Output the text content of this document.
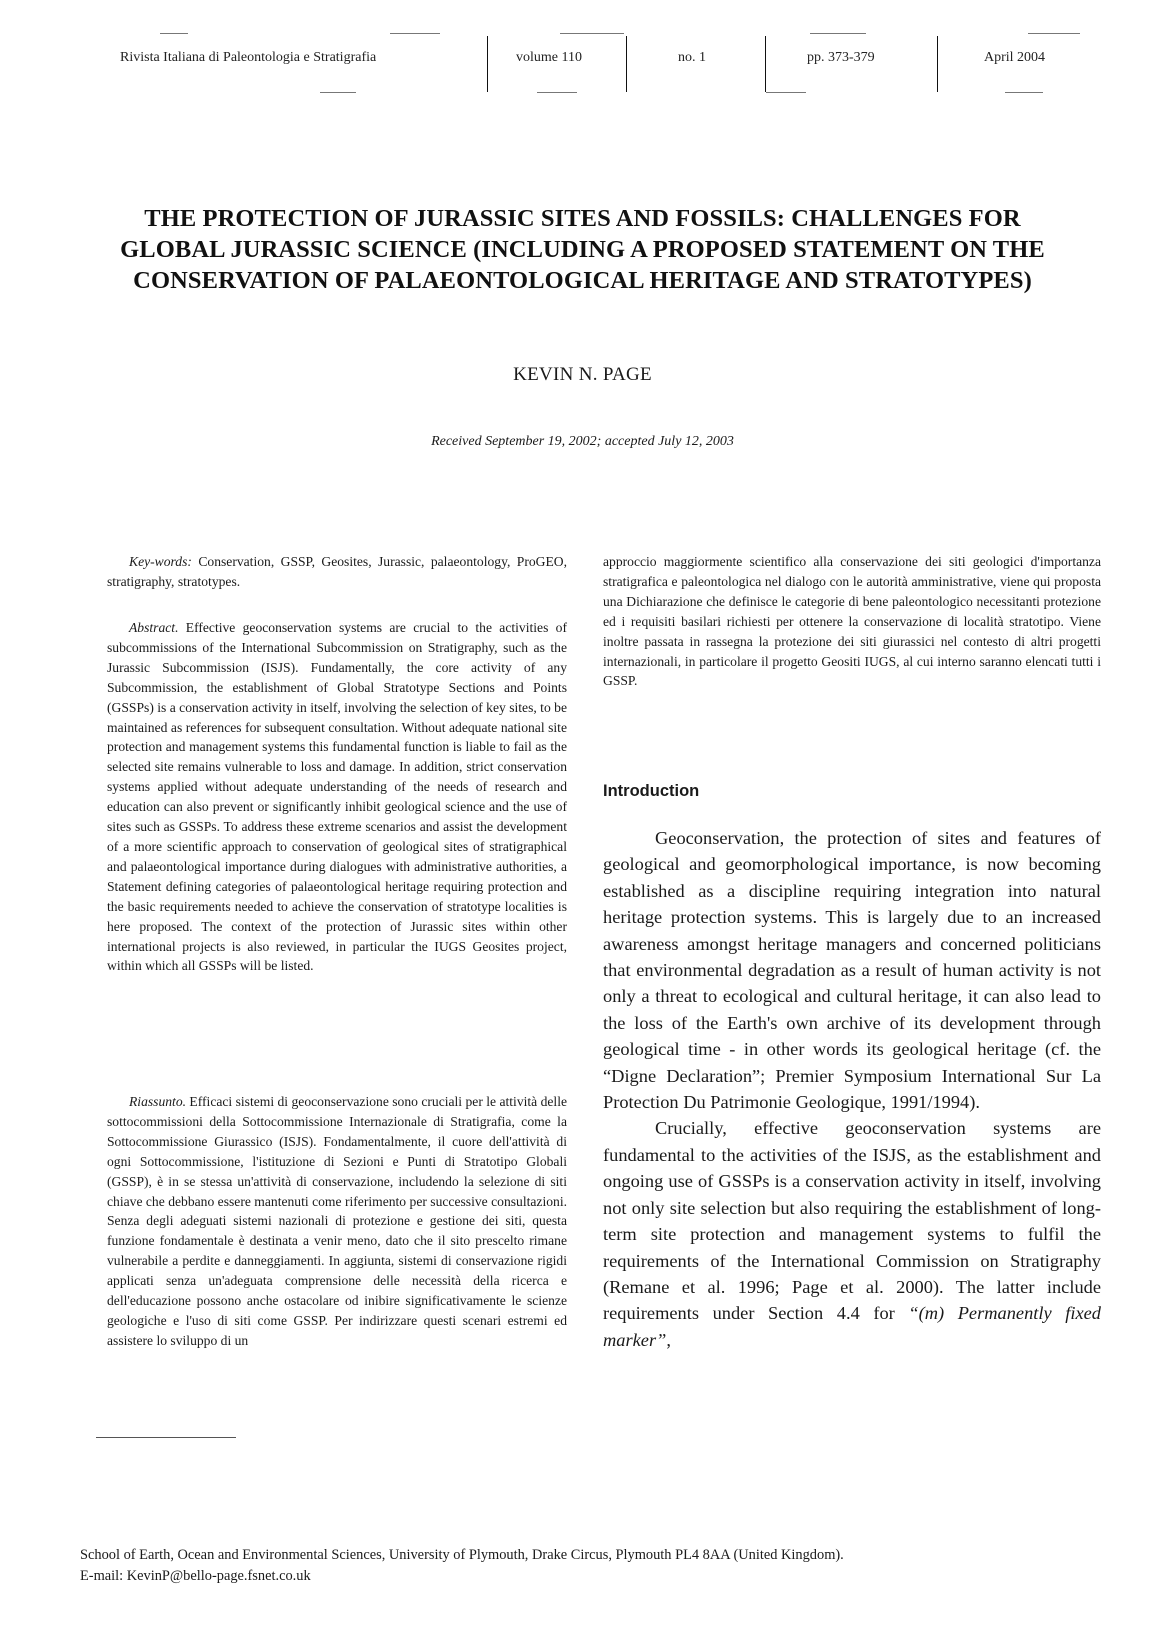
Rivista Italiana di Paleontologia e Stratigrafia	volume 110	no. 1	pp. 373-379	April 2004
THE PROTECTION OF JURASSIC SITES AND FOSSILS: CHALLENGES FOR
GLOBAL JURASSIC SCIENCE (INCLUDING A PROPOSED STATEMENT ON THE
CONSERVATION OF PALAEONTOLOGICAL HERITAGE AND STRATOTYPES)
KEVIN N. PAGE
Received September 19, 2002; accepted July 12, 2003

Key-words: Conservation, GSSP, Geosites, Jurassic, palaeontology, ProGEO, stratigraphy, stratotypes.

Abstract. Effective geoconservation systems are crucial to the activities of subcommissions of the International Subcommission on Stratigraphy, such as the Jurassic Subcommission (ISJS). Fundamentally, the core activity of any Subcommission, the establishment of Global Stratotype Sections and Points (GSSPs) is a conservation activity in itself, involving the selection of key sites, to be maintained as references for subsequent consultation. Without adequate national site protection and management systems this fundamental function is liable to fail as the selected site remains vulnerable to loss and damage. In addition, strict conservation systems applied without adequate understanding of the needs of research and education can also prevent or significantly inhibit geological science and the use of sites such as GSSPs. To address these extreme scenarios and assist the development of a more scientific approach to conservation of geological sites of stratigraphical and palaeontological importance during dialogues with administrative authorities, a Statement defining categories of palaeontological heritage requiring protection and the basic requirements needed to achieve the conservation of stratotype localities is here proposed. The context of the protection of Jurassic sites within other international projects is also reviewed, in particular the IUGS Geosites project, within which all GSSPs will be listed.

Riassunto. Efficaci sistemi di geoconservazione sono cruciali per le attività delle sottocommissioni della Sottocommissione Internazionale di Stratigrafia, come la Sottocommissione Giurassico (ISJS). Fondamentalmente, il cuore dell'attività di ogni Sottocommissione, l'istituzione di Sezioni e Punti di Stratotipo Globali (GSSP), è in se stessa un'attività di conservazione, includendo la selezione di siti chiave che debbano essere mantenuti come riferimento per successive consultazioni. Senza degli adeguati sistemi nazionali di protezione e gestione dei siti, questa funzione fondamentale è destinata a venir meno, dato che il sito prescelto rimane vulnerabile a perdite e danneggiamenti. In aggiunta, sistemi di conservazione rigidi applicati senza un'adeguata comprensione delle necessità della ricerca e dell'educazione possono anche ostacolare od inibire significativamente le scienze geologiche e l'uso di siti come GSSP. Per indirizzare questi scenari estremi ed assistere lo sviluppo di un

approccio maggiormente scientifico alla conservazione dei siti geologici d'importanza stratigrafica e paleontologica nel dialogo con le autorità amministrative, viene qui proposta una Dichiarazione che definisce le categorie di bene paleontologico necessitanti protezione ed i requisiti basilari richiesti per ottenere la conservazione di località stratotipo. Viene inoltre passata in rassegna la protezione dei siti giurassici nel contesto di altri progetti internazionali, in particolare il progetto Geositi IUGS, al cui interno saranno elencati tutti i GSSP.

Introduction

Geoconservation, the protection of sites and features of geological and geomorphological importance, is now becoming established as a discipline requiring integration into natural heritage protection systems. This is largely due to an increased awareness amongst heritage managers and concerned politicians that environmental degradation as a result of human activity is not only a threat to ecological and cultural heritage, it can also lead to the loss of the Earth's own archive of its development through geological time - in other words its geological heritage (cf. the “Digne Declaration”; Premier Symposium International Sur La Protection Du Patrimonie Geologique, 1991/1994).

Crucially, effective geoconservation systems are fundamental to the activities of the ISJS, as the establishment and ongoing use of GSSPs is a conservation activity in itself, involving not only site selection but also requiring the establishment of long-term site protection and management systems to fulfil the requirements of the International Commission on Stratigraphy (Remane et al. 1996; Page et al. 2000). The latter include requirements under Section 4.4 for “(m) Permanently fixed marker”,

School of Earth, Ocean and Environmental Sciences, University of Plymouth, Drake Circus, Plymouth PL4 8AA (United Kingdom).
E-mail: KevinP@bello-page.fsnet.co.uk
